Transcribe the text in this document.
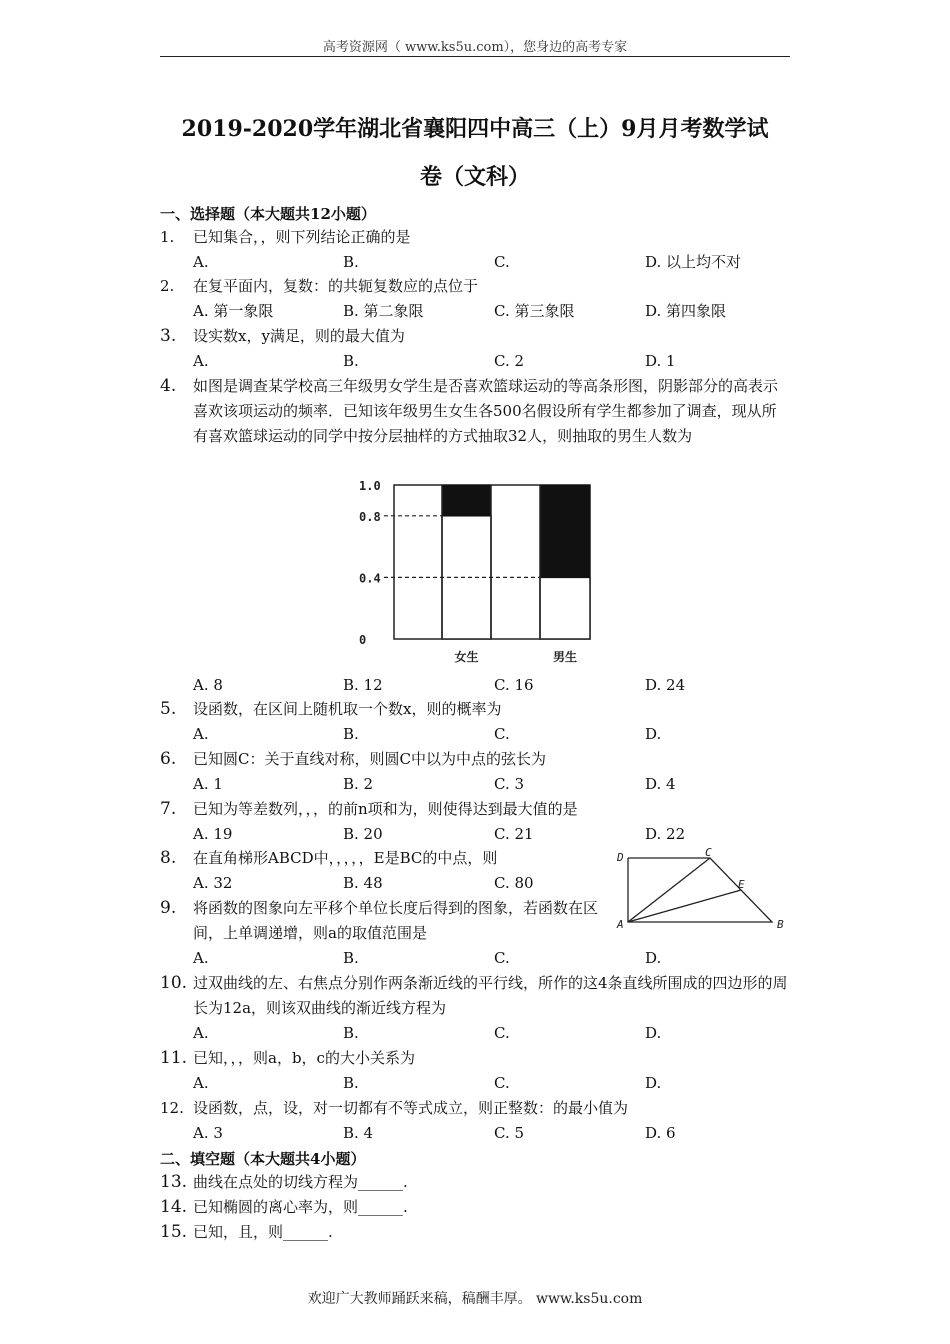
高考资源网（ www.ks5u.com），您身边的高考专家
2019-2020学年湖北省襄阳四中高三（上）9月月考数学试
卷（文科）
一、选择题（本大题共12小题）
1. 已知集合，，则下列结论正确的是
A.	B.	C.	D. 以上均不对
2. 在复平面内，复数：的共轭复数应的点位于
A. 第一象限	B. 第二象限	C. 第三象限	D. 第四象限
3. 设实数x，y满足，则的最大值为
A.	B.	C. 2	D. 1
4. 如图是调查某学校高三年级男女学生是否喜欢篮球运动的等高条形图，阴影部分的高表示喜欢该项运动的频率．已知该年级男生女生各500名假设所有学生都参加了调查，现从所有喜欢篮球运动的同学中按分层抽样的方式抽取32人，则抽取的男生人数为
女生	男生
1.0
0.8
0.4
0
A. 8	B. 12	C. 16	D. 24
5. 设函数，在区间上随机取一个数x，则的概率为
A.	B.	C.	D.
6. 已知圆C：关于直线对称，则圆C中以为中点的弦长为
A. 1	B. 2	C. 3	D. 4
7. 已知为等差数列，，，的前n项和为，则使得达到最大值的是
A. 19	B. 20	C. 21	D. 22
8. 在直角梯形ABCD中，，，，，E是BC的中点，则
A. 32	B. 48	C. 80
D	C
E
A	B
9. 将函数的图象向左平移个单位长度后得到的图象，若函数在区间，上单调递增，则a的取值范围是
A.	B.	C.	D.
10. 过双曲线的左、右焦点分别作两条渐近线的平行线，所作的这4条直线所围成的四边形的周长为12a，则该双曲线的渐近线方程为
A.	B.	C.	D.
11. 已知，，，则a，b，c的大小关系为
A.	B.	C.	D.
12. 设函数，点，设，对一切都有不等式成立，则正整数：的最小值为
A. 3	B. 4	C. 5	D. 6
二、填空题（本大题共4小题）
13. 曲线在点处的切线方程为______.
14. 已知椭圆的离心率为，则______.
15. 已知，且，则______.
欢迎广大教师踊跃来稿，稿酬丰厚。 www.ks5u.com
